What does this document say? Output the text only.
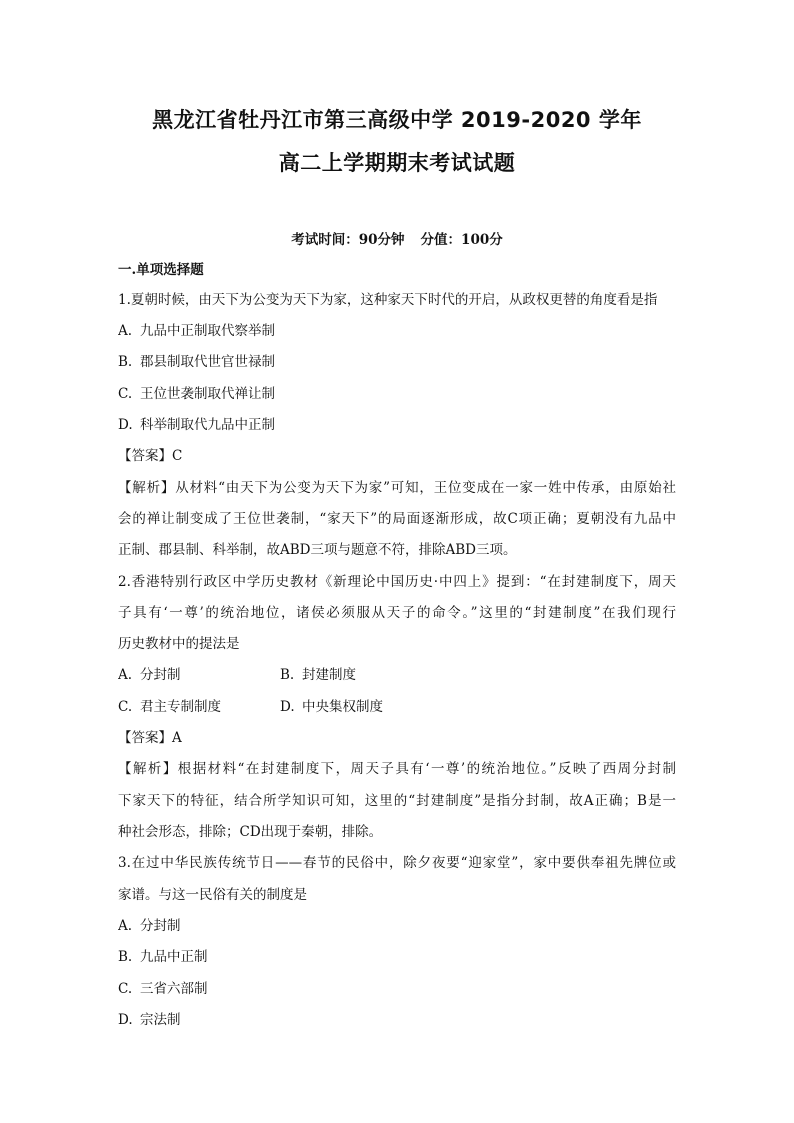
黑龙江省牡丹江市第三高级中学 2019-2020 学年
高二上学期期末考试试题
考试时间：90分钟 分值：100分
一.单项选择题
1.夏朝时候，由天下为公变为天下为家，这种家天下时代的开启，从政权更替的角度看是指
A. 九品中正制取代察举制
B. 郡县制取代世官世禄制
C. 王位世袭制取代禅让制
D. 科举制取代九品中正制
【答案】C
【解析】从材料“由天下为公变为天下为家”可知，王位变成在一家一姓中传承，由原始社
会的禅让制变成了王位世袭制，“家天下”的局面逐渐形成，故C项正确；夏朝没有九品中
正制、郡县制、科举制，故ABD三项与题意不符，排除ABD三项。
2.香港特别行政区中学历史教材《新理论中国历史·中四上》提到：“在封建制度下，周天
子具有‘一尊’的统治地位，诸侯必须服从天子的命令。”这里的“封建制度”在我们现行
历史教材中的提法是
A. 分封制	B. 封建制度
C. 君主专制制度	D. 中央集权制度
【答案】A
【解析】根据材料“在封建制度下，周天子具有‘一尊’的统治地位。”反映了西周分封制
下家天下的特征，结合所学知识可知，这里的“封建制度”是指分封制，故A正确；B是一
种社会形态，排除；CD出现于秦朝，排除。
3.在过中华民族传统节日——春节的民俗中，除夕夜要“迎家堂”，家中要供奉祖先牌位或
家谱。与这一民俗有关的制度是
A. 分封制
B. 九品中正制
C. 三省六部制
D. 宗法制
